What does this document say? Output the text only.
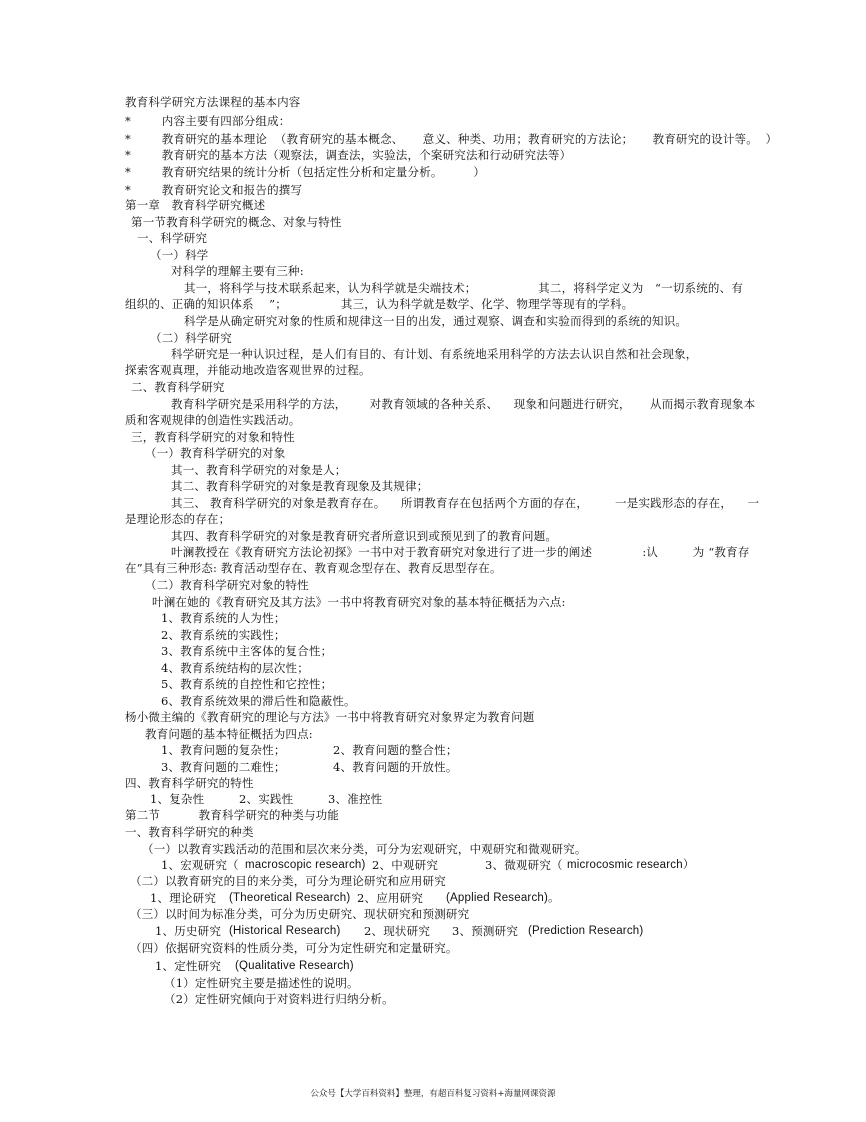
教育科学研究方法课程的基本内容
*        内容主要有四部分组成：
*        教育研究的基本理论  （教育研究的基本概念、     意义、种类、功用；教育研究的方法论；     教育研究的设计等。  ）
*        教育研究的基本方法（观察法，调查法，实验法，个案研究法和行动研究法等）
*        教育研究结果的统计分析（包括定性分析和定量分析。        ）
*        教育研究论文和报告的撰写
第一章   教育科学研究概述
第一节教育科学研究的概念、对象与特性
一、科学研究
（一）科学
对科学的理解主要有三种:
其一，将科学与技术联系起来，认为科学就是尖端技术；                其二，将科学定义为   “一切系统的、有
组织的、正确的知识体系    ”；              其三，认为科学就是数学、化学、物理学等现有的学科。
科学是从确定研究对象的性质和规律这一目的出发，通过观察、调查和实验而得到的系统的知识。
（二）科学研究
科学研究是一种认识过程，是人们有目的、有计划、有系统地采用科学的方法去认识自然和社会现象，
探索客观真理，并能动地改造客观世界的过程。
二、教育科学研究
教育科学研究是采用科学的方法，      对教育领域的各种关系、    现象和问题进行研究，     从而揭示教育现象本
质和客观规律的创造性实践活动。
三，教育科学研究的对象和特性
（一）教育科学研究的对象
其一、教育科学研究的对象是人；
其二、教育科学研究的对象是教育现象及其规律；
其三、 教育科学研究的对象是教育存在。    所谓教育存在包括两个方面的存在，       一是实践形态的存在，    一
是理论形态的存在；
其四、教育科学研究的对象是教育研究者所意识到或预见到了的教育问题。
叶澜教授在《教育研究方法论初探》一书中对于教育研究对象进行了进一步的阐述             :认         为 “教育存
在”具有三种形态: 教育活动型存在、教育观念型存在、教育反思型存在。
（二）教育科学研究对象的特性
叶澜在她的《教育研究及其方法》一书中将教育研究对象的基本特征概括为六点:
1、教育系统的人为性；
2、教育系统的实践性；
3、教育系统中主客体的复合性；
4、教育系统结构的层次性；
5、教育系统的自控性和它控性；
6、教育系统效果的滞后性和隐蔽性。
杨小微主编的《教育研究的理论与方法》一书中将教育研究对象界定为教育问题
教育问题的基本特征概括为四点:
1、教育问题的复杂性；	2、教育问题的整合性；
3、教育问题的二难性；	4、教育问题的开放性。
四、教育科学研究的特性
1、复杂性         2、实践性         3、准控性
第二节          教育科学研究的种类与功能
一、教育科学研究的种类
（一）以教育实践活动的范围和层次来分类，可分为宏观研究，中观研究和微观研究。
1、宏观研究（ macroscopic research) 2、中观研究	3、微观研究（ microcosmic research）
（二）以教育研究的目的来分类，可分为理论研究和应用研究
1、理论研究 (Theoretical Research) 2、应用研究 (Applied Research)。
（三）以时间为标准分类，可分为历史研究、现状研究和预测研究
1、历史研究 (Historical Research) 2、现状研究 3、预测研究 (Prediction Research)
（四）依据研究资料的性质分类，可分为定性研究和定量研究。
1、定性研究 (Qualitative Research)
（1）定性研究主要是描述性的说明。
（2）定性研究倾向于对资料进行归纳分析。
公众号【大学百科资料】整理，有超百科复习资料+海量网课资源
